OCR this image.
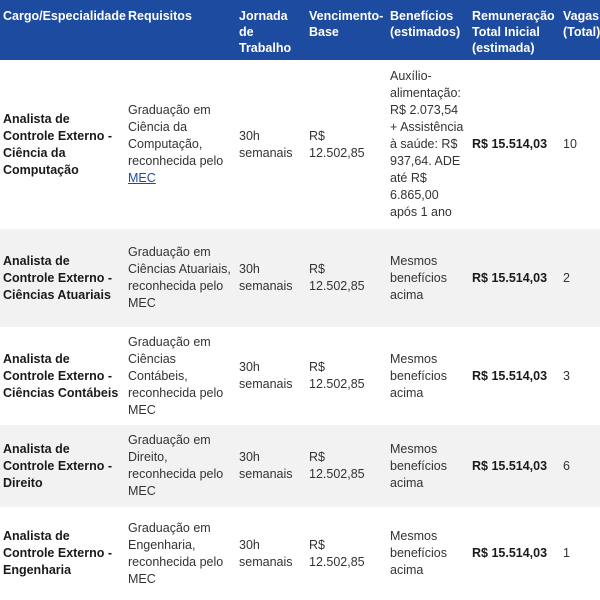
Cargo/Especialidade	Requisitos	Jornada de Trabalho	Vencimento-Base	Benefícios (estimados)	Remuneração Total Inicial (estimada)	Vagas (Total)
Analista de Controle Externo - Ciência da Computação	Graduação em Ciência da Computação, reconhecida pelo MEC	30h semanais	R$ 12.502,85	Auxílio-alimentação: R$ 2.073,54 + Assistência à saúde: R$ 937,64. ADE até R$ 6.865,00 após 1 ano	R$ 15.514,03	10
Analista de Controle Externo - Ciências Atuariais	Graduação em Ciências Atuariais, reconhecida pelo MEC	30h semanais	R$ 12.502,85	Mesmos benefícios acima	R$ 15.514,03	2
Analista de Controle Externo - Ciências Contábeis	Graduação em Ciências Contábeis, reconhecida pelo MEC	30h semanais	R$ 12.502,85	Mesmos benefícios acima	R$ 15.514,03	3
Analista de Controle Externo - Direito	Graduação em Direito, reconhecida pelo MEC	30h semanais	R$ 12.502,85	Mesmos benefícios acima	R$ 15.514,03	6
Analista de Controle Externo - Engenharia	Graduação em Engenharia, reconhecida pelo MEC	30h semanais	R$ 12.502,85	Mesmos benefícios acima	R$ 15.514,03	1
